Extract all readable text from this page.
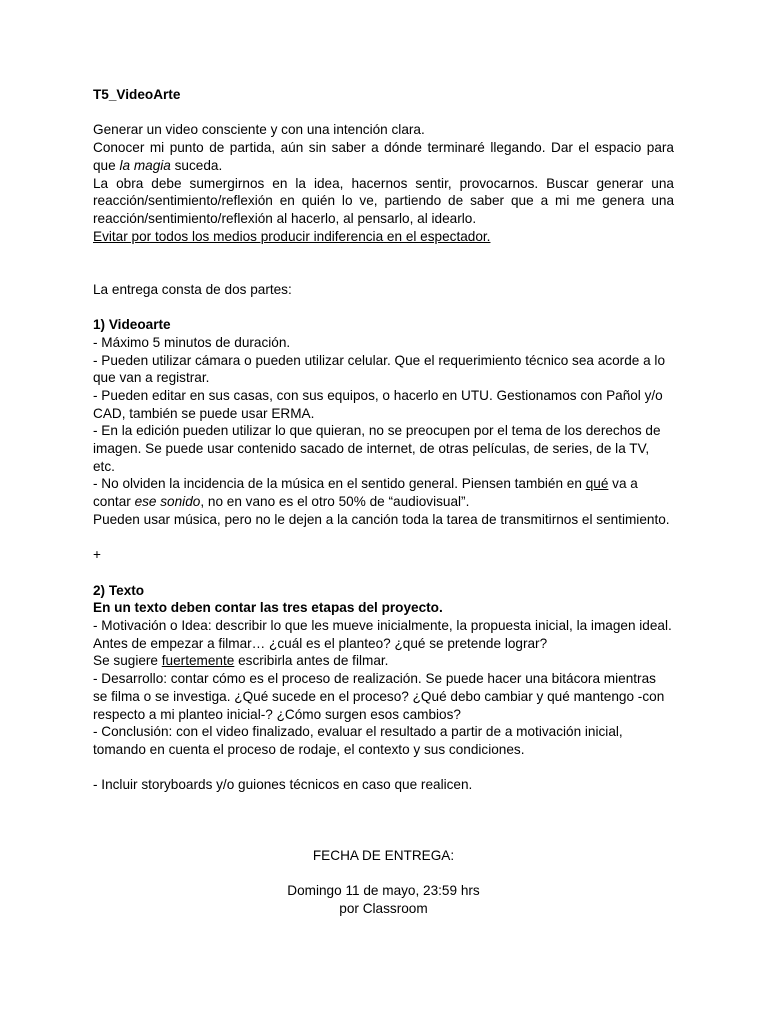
T5_VideoArte

Generar un video consciente y con una intención clara.

Conocer mi punto de partida, aún sin saber a dónde terminaré llegando. Dar el espacio para que la magia suceda.

La obra debe sumergirnos en la idea, hacernos sentir, provocarnos. Buscar generar una reacción/sentimiento/reflexión en quién lo ve, partiendo de saber que a mi me genera una reacción/sentimiento/reflexión al hacerlo, al pensarlo, al idearlo.

Evitar por todos los medios producir indiferencia en el espectador.

La entrega consta de dos partes:

1) Videoarte

- Máximo 5 minutos de duración.

- Pueden utilizar cámara o pueden utilizar celular. Que el requerimiento técnico sea acorde a lo que van a registrar.

- Pueden editar en sus casas, con sus equipos, o hacerlo en UTU. Gestionamos con Pañol y/o CAD, también se puede usar ERMA.

- En la edición pueden utilizar lo que quieran, no se preocupen por el tema de los derechos de imagen. Se puede usar contenido sacado de internet, de otras películas, de series, de la TV, etc.

- No olviden la incidencia de la música en el sentido general. Piensen también en qué va a contar ese sonido, no en vano es el otro 50% de “audiovisual”.

Pueden usar música, pero no le dejen a la canción toda la tarea de transmitirnos el sentimiento.

+

2) Texto

En un texto deben contar las tres etapas del proyecto.

- Motivación o Idea: describir lo que les mueve inicialmente, la propuesta inicial, la imagen ideal. Antes de empezar a filmar… ¿cuál es el planteo? ¿qué se pretende lograr?

Se sugiere fuertemente escribirla antes de filmar.

- Desarrollo: contar cómo es el proceso de realización. Se puede hacer una bitácora mientras se filma o se investiga. ¿Qué sucede en el proceso? ¿Qué debo cambiar y qué mantengo -con respecto a mi planteo inicial-? ¿Cómo surgen esos cambios?

- Conclusión: con el video finalizado, evaluar el resultado a partir de a motivación inicial, tomando en cuenta el proceso de rodaje, el contexto y sus condiciones.

- Incluir storyboards y/o guiones técnicos en caso que realicen.

FECHA DE ENTREGA:

Domingo 11 de mayo, 23:59 hrs

por Classroom
